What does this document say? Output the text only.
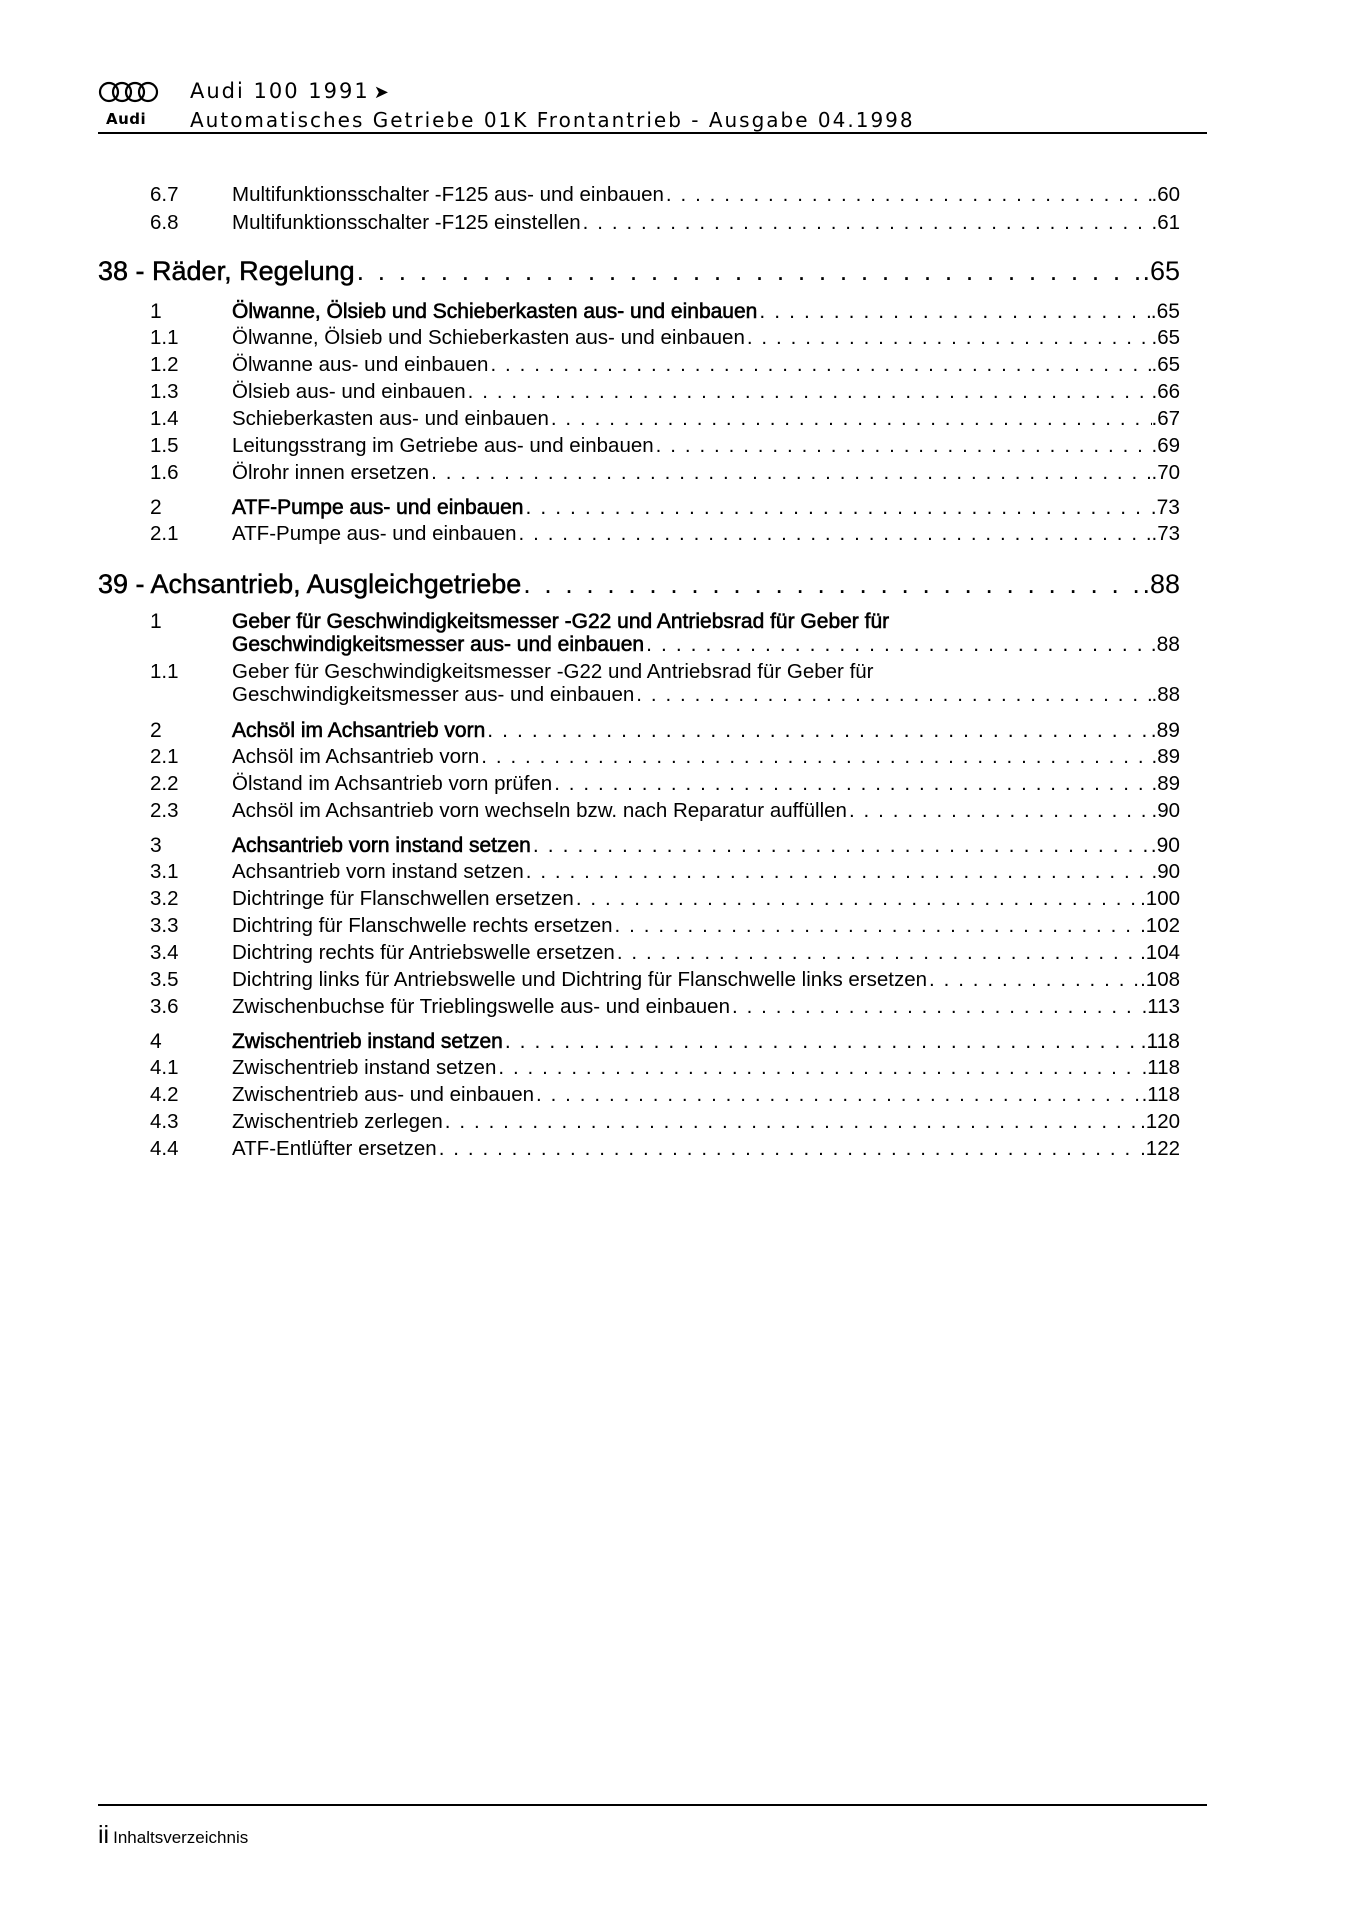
Audi
Audi 100 1991 ➤
Automatisches Getriebe 01K Frontantrieb - Ausgabe 04.1998
6.7	Multifunktionsschalter -F125 aus- und einbauen . . .	.60
6.8	Multifunktionsschalter -F125 einstellen . . .	.61
38 - Räder, Regelung . . .	.65
1	Ölwanne, Ölsieb und Schieberkasten aus- und einbauen . . .	.65
1.1	Ölwanne, Ölsieb und Schieberkasten aus- und einbauen . . .	.65
1.2	Ölwanne aus- und einbauen . . .	.65
1.3	Ölsieb aus- und einbauen . . .	.66
1.4	Schieberkasten aus- und einbauen . . .	.67
1.5	Leitungsstrang im Getriebe aus- und einbauen . . .	.69
1.6	Ölrohr innen ersetzen . . .	.70
2	ATF-Pumpe aus- und einbauen . . .	.73
2.1	ATF-Pumpe aus- und einbauen . . .	.73
39 - Achsantrieb, Ausgleichgetriebe . . .	.88
1	Geber für Geschwindigkeitsmesser -G22 und Antriebsrad für Geber für
Geschwindigkeitsmesser aus- und einbauen . . .	.88
1.1	Geber für Geschwindigkeitsmesser -G22 und Antriebsrad für Geber für
Geschwindigkeitsmesser aus- und einbauen . . .	.88
2	Achsöl im Achsantrieb vorn . . .	.89
2.1	Achsöl im Achsantrieb vorn . . .	.89
2.2	Ölstand im Achsantrieb vorn prüfen . . .	.89
2.3	Achsöl im Achsantrieb vorn wechseln bzw. nach Reparatur auffüllen . . .	.90
3	Achsantrieb vorn instand setzen . . .	.90
3.1	Achsantrieb vorn instand setzen . . .	.90
3.2	Dichtringe für Flanschwellen ersetzen . . .	.100
3.3	Dichtring für Flanschwelle rechts ersetzen . . .	.102
3.4	Dichtring rechts für Antriebswelle ersetzen . . .	.104
3.5	Dichtring links für Antriebswelle und Dichtring für Flanschwelle links ersetzen . . .	.108
3.6	Zwischenbuchse für Trieblingswelle aus- und einbauen . . .	.113
4	Zwischentrieb instand setzen . . .	.118
4.1	Zwischentrieb instand setzen . . .	.118
4.2	Zwischentrieb aus- und einbauen . . .	.118
4.3	Zwischentrieb zerlegen . . .	.120
4.4	ATF-Entlüfter ersetzen . . .	.122
ii Inhaltsverzeichnis
